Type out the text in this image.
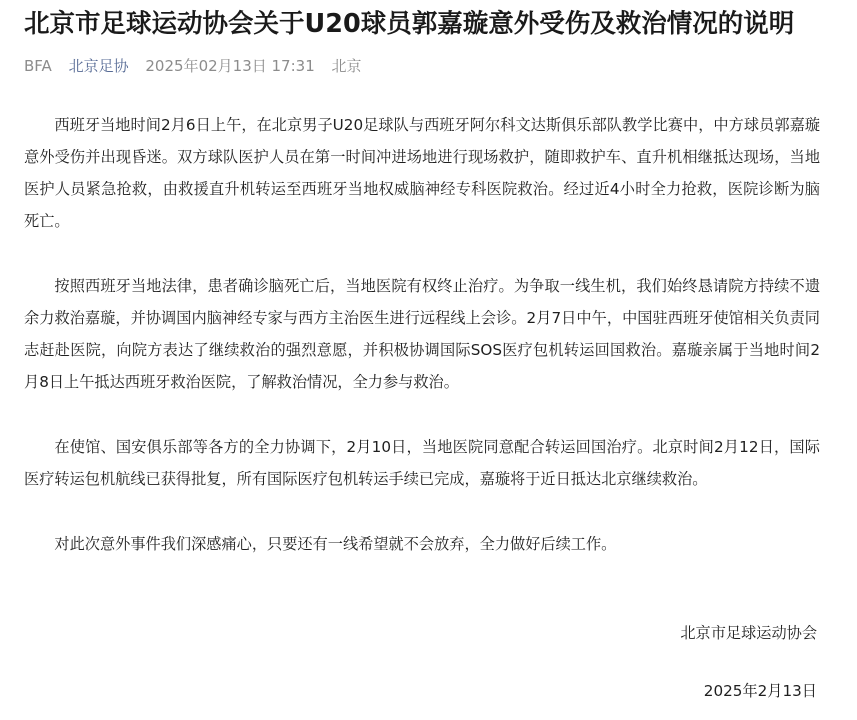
北京市足球运动协会关于U20球员郭嘉璇意外受伤及救治情况的说明
BFA 北京足协 2025年02月13日 17:31 北京

西班牙当地时间2月6日上午，在北京男子U20足球队与西班牙阿尔科文达斯俱乐部队教学比赛中，中方球员郭嘉璇意外受伤并出现昏迷。双方球队医护人员在第一时间冲进场地进行现场救护，随即救护车、直升机相继抵达现场，当地医护人员紧急抢救，由救援直升机转运至西班牙当地权威脑神经专科医院救治。经过近4小时全力抢救，医院诊断为脑死亡。

按照西班牙当地法律，患者确诊脑死亡后，当地医院有权终止治疗。为争取一线生机，我们始终恳请院方持续不遗余力救治嘉璇，并协调国内脑神经专家与西方主治医生进行远程线上会诊。2月7日中午，中国驻西班牙使馆相关负责同志赶赴医院，向院方表达了继续救治的强烈意愿，并积极协调国际SOS医疗包机转运回国救治。嘉璇亲属于当地时间2月8日上午抵达西班牙救治医院，了解救治情况，全力参与救治。

在使馆、国安俱乐部等各方的全力协调下，2月10日，当地医院同意配合转运回国治疗。北京时间2月12日，国际医疗转运包机航线已获得批复，所有国际医疗包机转运手续已完成，嘉璇将于近日抵达北京继续救治。

对此次意外事件我们深感痛心，只要还有一线希望就不会放弃，全力做好后续工作。

北京市足球运动协会
2025年2月13日
